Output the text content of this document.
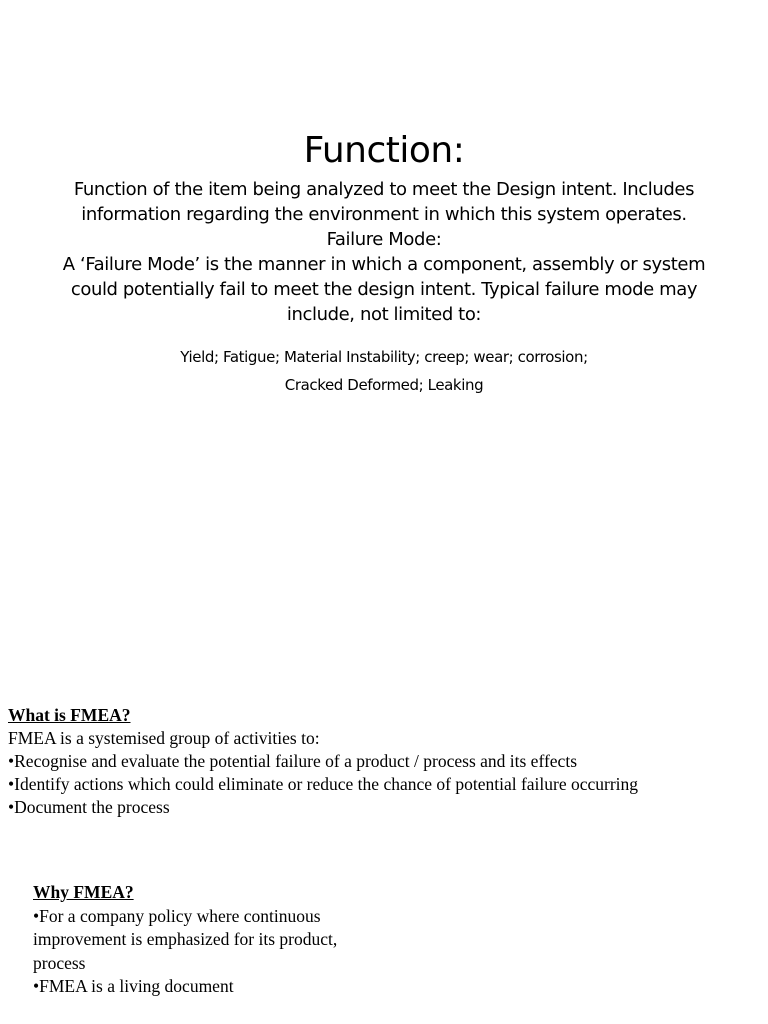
Function:

Function of the item being analyzed to meet the Design intent. Includes information regarding the environment in which this system operates.

Failure Mode:

A ‘Failure Mode’ is the manner in which a component, assembly or system could potentially fail to meet the design intent. Typical failure mode may include, not limited to:

Yield; Fatigue; Material Instability; creep; wear; corrosion;
Cracked Deformed; Leaking
What is FMEA?
FMEA is a systemised group of activities to:
•Recognise and evaluate the potential failure of a product / process and its effects
•Identify actions which could eliminate or reduce the chance of potential failure occurring
•Document the process
Why FMEA?
•For a company policy where continuous improvement is emphasized for its product, process
•FMEA is a living document
